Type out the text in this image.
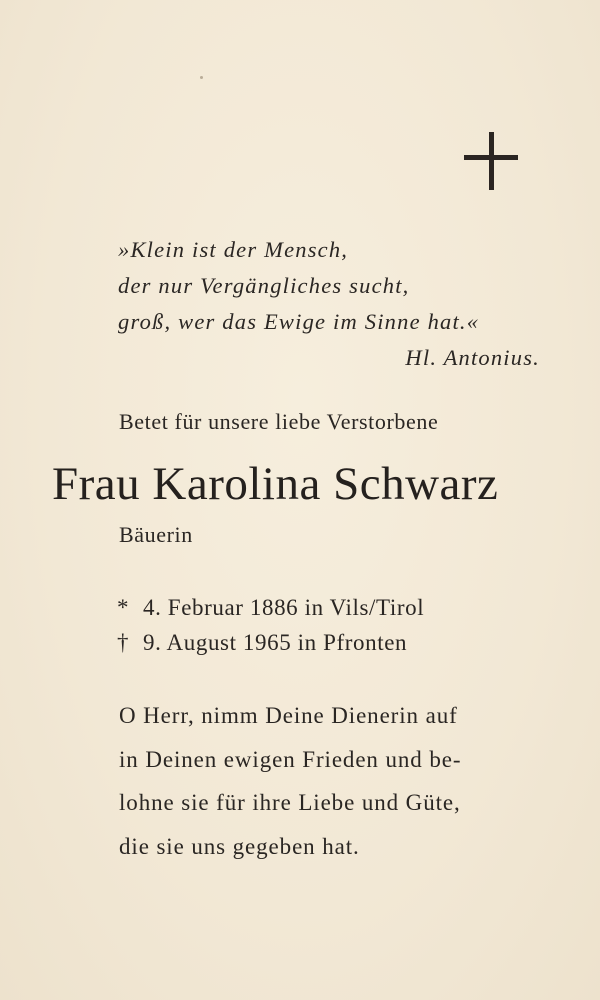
»Klein ist der Mensch,
der nur Vergängliches sucht,
groß, wer das Ewige im Sinne hat.«
Hl. Antonius.
Betet für unsere liebe Verstorbene
Frau Karolina Schwarz
Bäuerin
* 4. Februar 1886 in Vils/Tirol
† 9. August 1965 in Pfronten
O Herr, nimm Deine Dienerin auf
in Deinen ewigen Frieden und be-
lohne sie für ihre Liebe und Güte,
die sie uns gegeben hat.
